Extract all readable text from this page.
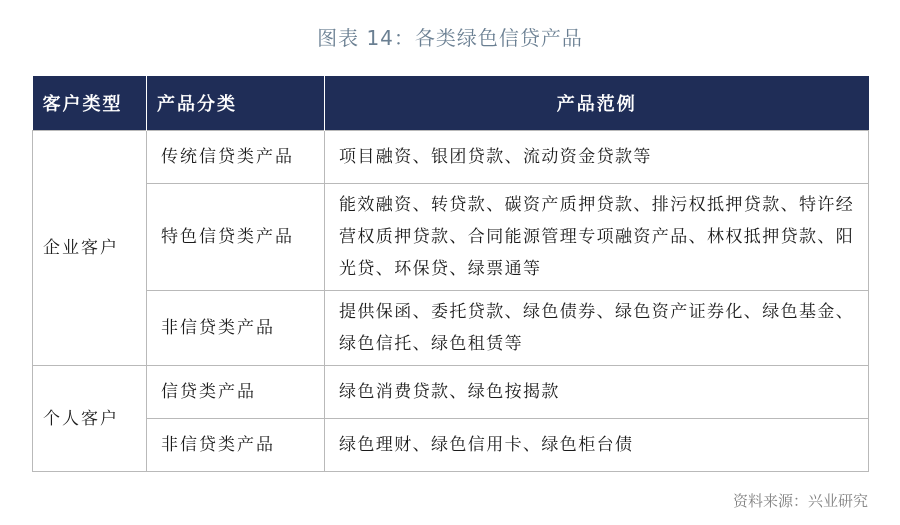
图表 14：各类绿色信贷产品
客户类型	产品分类	产品范例
企业客户	传统信贷类产品	项目融资、银团贷款、流动资金贷款等
	特色信贷类产品	能效融资、转贷款、碳资产质押贷款、排污权抵押贷款、特许经营权质押贷款、合同能源管理专项融资产品、林权抵押贷款、阳光贷、环保贷、绿票通等
	非信贷类产品	提供保函、委托贷款、绿色债券、绿色资产证券化、绿色基金、绿色信托、绿色租赁等
个人客户	信贷类产品	绿色消费贷款、绿色按揭款
	非信贷类产品	绿色理财、绿色信用卡、绿色柜台债
资料来源：兴业研究
